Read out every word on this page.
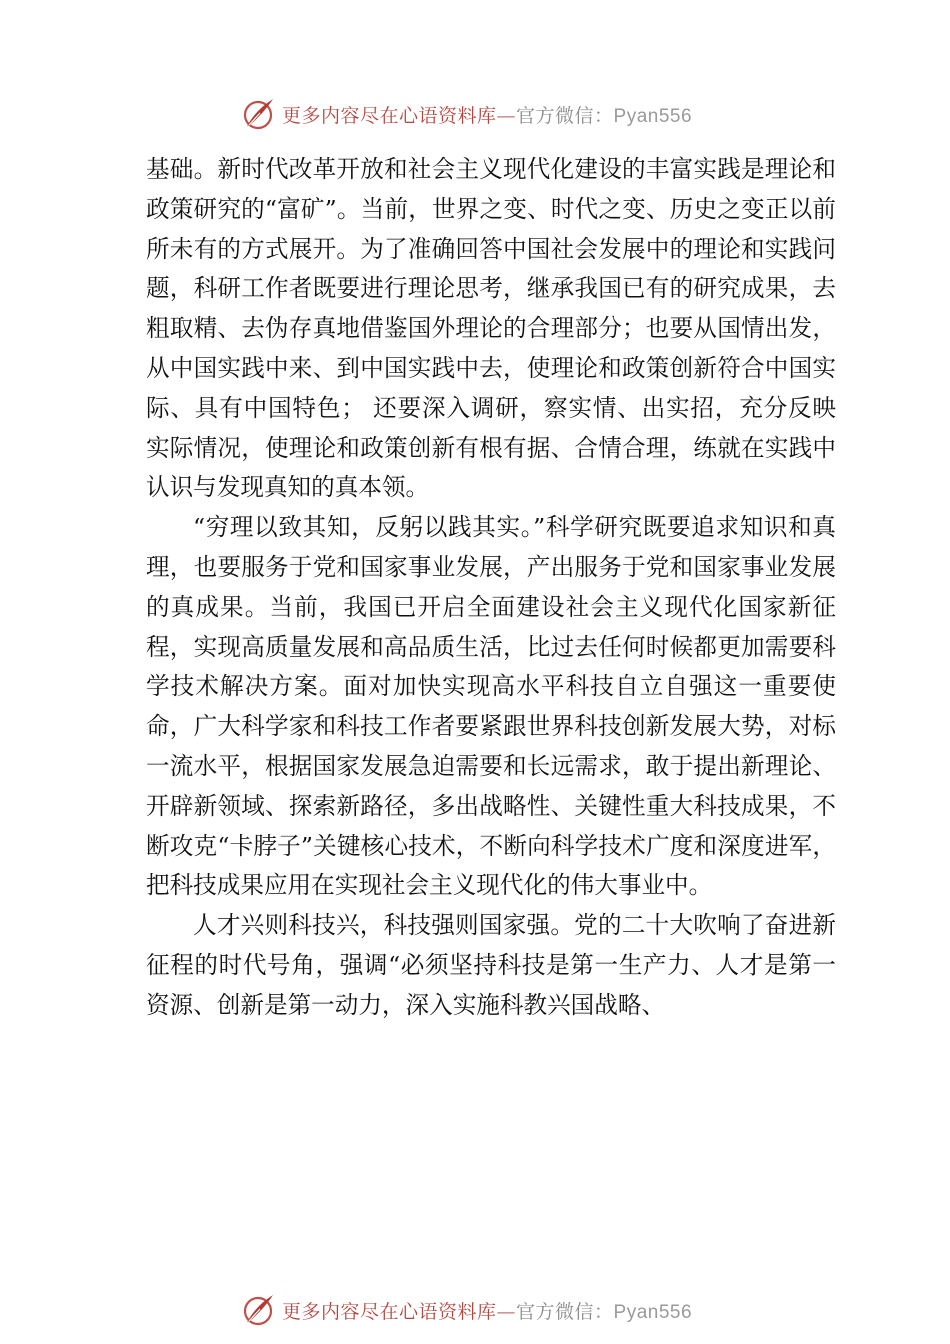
更多内容尽在心语资料库—官方微信：Pyan556

基础。新时代改革开放和社会主义现代化建设的丰富实践是理论和政策研究的“富矿”。当前，世界之变、时代之变、历史之变正以前所未有的方式展开。为了准确回答中国社会发展中的理论和实践问题，科研工作者既要进行理论思考，继承我国已有的研究成果，去粗取精、去伪存真地借鉴国外理论的合理部分；也要从国情出发，从中国实践中来、到中国实践中去，使理论和政策创新符合中国实际、具有中国特色； 还要深入调研，察实情、出实招，充分反映实际情况，使理论和政策创新有根有据、合情合理，练就在实践中认识与发现真知的真本领。

“穷理以致其知，反躬以践其实。”科学研究既要追求知识和真理，也要服务于党和国家事业发展，产出服务于党和国家事业发展的真成果。当前，我国已开启全面建设社会主义现代化国家新征程，实现高质量发展和高品质生活，比过去任何时候都更加需要科学技术解决方案。面对加快实现高水平科技自立自强这一重要使命，广大科学家和科技工作者要紧跟世界科技创新发展大势，对标一流水平，根据国家发展急迫需要和长远需求，敢于提出新理论、开辟新领域、探索新路径，多出战略性、关键性重大科技成果，不断攻克“卡脖子”关键核心技术，不断向科学技术广度和深度进军，把科技成果应用在实现社会主义现代化的伟大事业中。

人才兴则科技兴，科技强则国家强。党的二十大吹响了奋进新征程的时代号角，强调“必须坚持科技是第一生产力、人才是第一资源、创新是第一动力，深入实施科教兴国战略、

更多内容尽在心语资料库—官方微信：Pyan556
